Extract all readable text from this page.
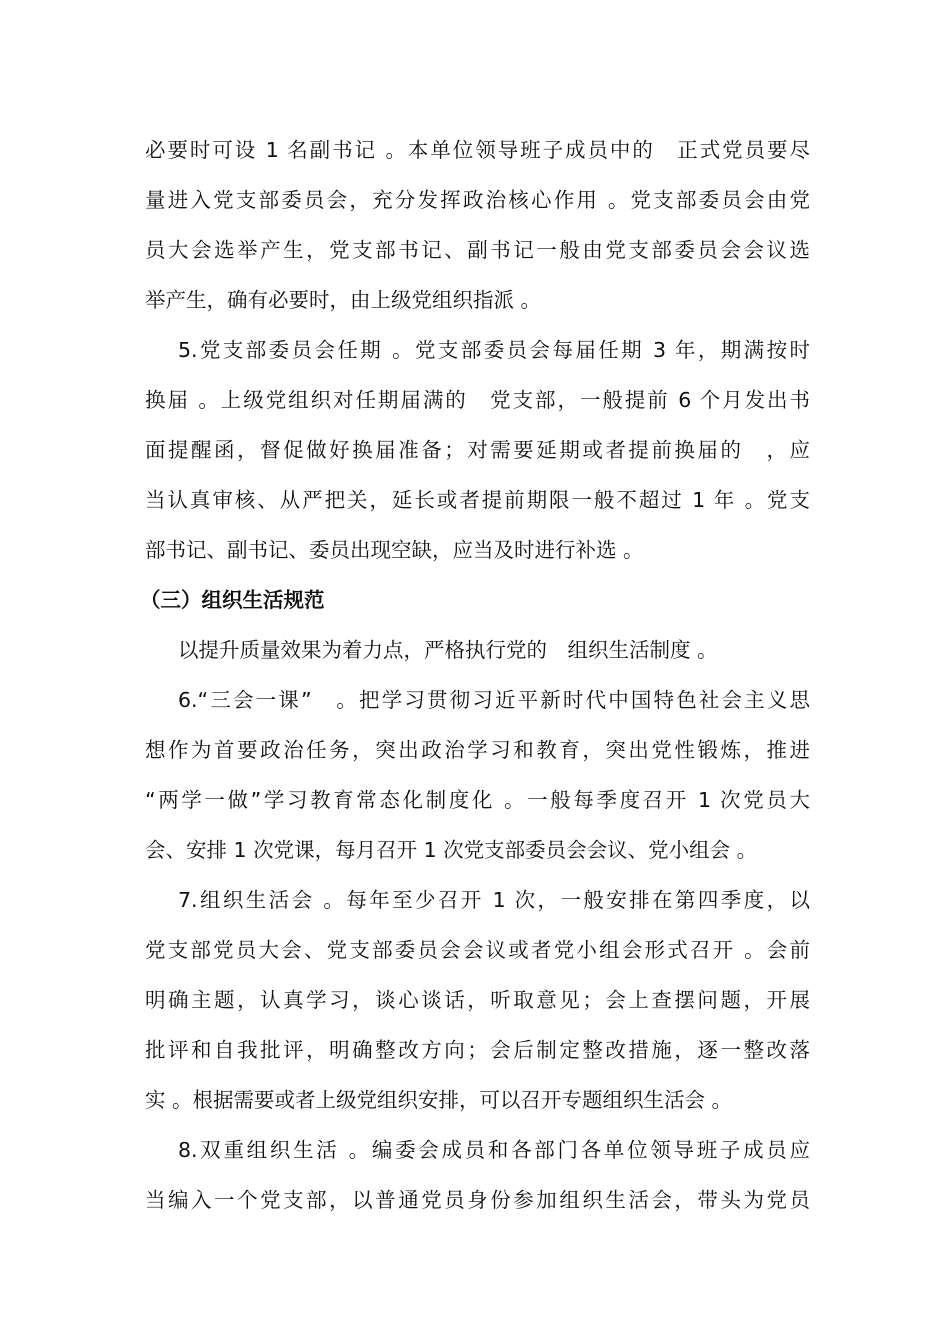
必要时可设 1 名副书记 。本单位领导班子成员中的　正式党员要尽
量进入党支部委员会，充分发挥政治核心作用 。党支部委员会由党
员大会选举产生，党支部书记、副书记一般由党支部委员会会议选
举产生，确有必要时，由上级党组织指派 。
5.党支部委员会任期 。党支部委员会每届任期 3 年，期满按时
换届 。上级党组织对任期届满的　党支部，一般提前 6 个月发出书
面提醒函，督促做好换届准备；对需要延期或者提前换届的　，应
当认真审核、从严把关，延长或者提前期限一般不超过 1 年 。党支
部书记、副书记、委员出现空缺，应当及时进行补选 。
（三）组织生活规范
以提升质量效果为着力点，严格执行党的　组织生活制度 。
6.“三会一课”　。把学习贯彻习近平新时代中国特色社会主义思
想作为首要政治任务，突出政治学习和教育，突出党性锻炼，推进
“两学一做”学习教育常态化制度化 。一般每季度召开 1 次党员大
会、安排 1 次党课，每月召开 1 次党支部委员会会议、党小组会 。
7.组织生活会 。每年至少召开 1 次，一般安排在第四季度，以
党支部党员大会、党支部委员会会议或者党小组会形式召开 。会前
明确主题，认真学习，谈心谈话，听取意见；会上查摆问题，开展
批评和自我批评，明确整改方向；会后制定整改措施，逐一整改落
实 。根据需要或者上级党组织安排，可以召开专题组织生活会 。
8.双重组织生活 。编委会成员和各部门各单位领导班子成员应
当编入一个党支部，以普通党员身份参加组织生活会，带头为党员
